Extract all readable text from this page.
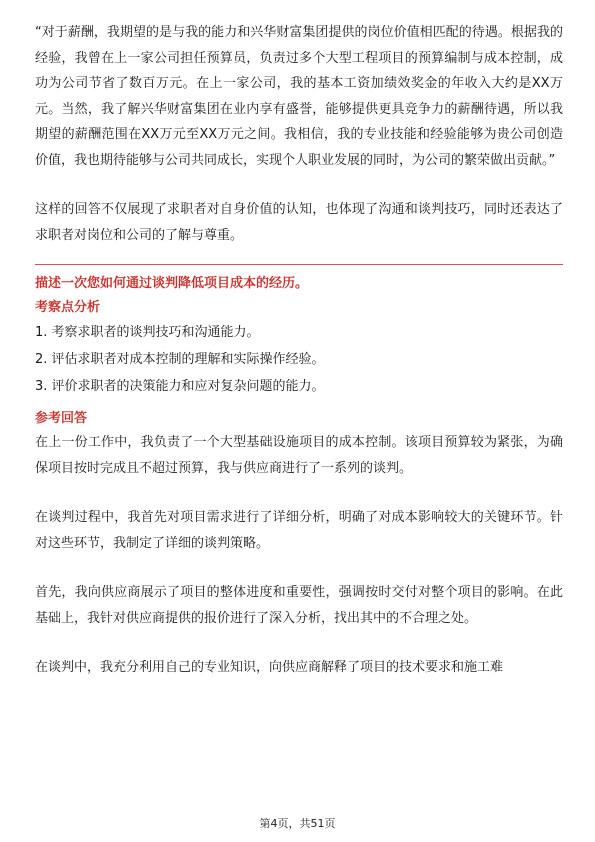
“对于薪酬，我期望的是与我的能力和兴华财富集团提供的岗位价值相匹配的待遇。根据我的经验，我曾在上一家公司担任预算员，负责过多个大型工程项目的预算编制与成本控制，成功为公司节省了数百万元。在上一家公司，我的基本工资加绩效奖金的年收入大约是XX万元。当然，我了解兴华财富集团在业内享有盛誉，能够提供更具竞争力的薪酬待遇，所以我期望的薪酬范围在XX万元至XX万元之间。我相信，我的专业技能和经验能够为贵公司创造价值，我也期待能够与公司共同成长，实现个人职业发展的同时，为公司的繁荣做出贡献。”

这样的回答不仅展现了求职者对自身价值的认知，也体现了沟通和谈判技巧，同时还表达了求职者对岗位和公司的了解与尊重。

描述一次您如何通过谈判降低项目成本的经历。
考察点分析
1. 考察求职者的谈判技巧和沟通能力。
2. 评估求职者对成本控制的理解和实际操作经验。
3. 评价求职者的决策能力和应对复杂问题的能力。
参考回答

在上一份工作中，我负责了一个大型基础设施项目的成本控制。该项目预算较为紧张，为确保项目按时完成且不超过预算，我与供应商进行了一系列的谈判。

在谈判过程中，我首先对项目需求进行了详细分析，明确了对成本影响较大的关键环节。针对这些环节，我制定了详细的谈判策略。

首先，我向供应商展示了项目的整体进度和重要性，强调按时交付对整个项目的影响。在此基础上，我针对供应商提供的报价进行了深入分析，找出其中的不合理之处。

在谈判中，我充分利用自己的专业知识，向供应商解释了项目的技术要求和施工难

第4页，共51页
